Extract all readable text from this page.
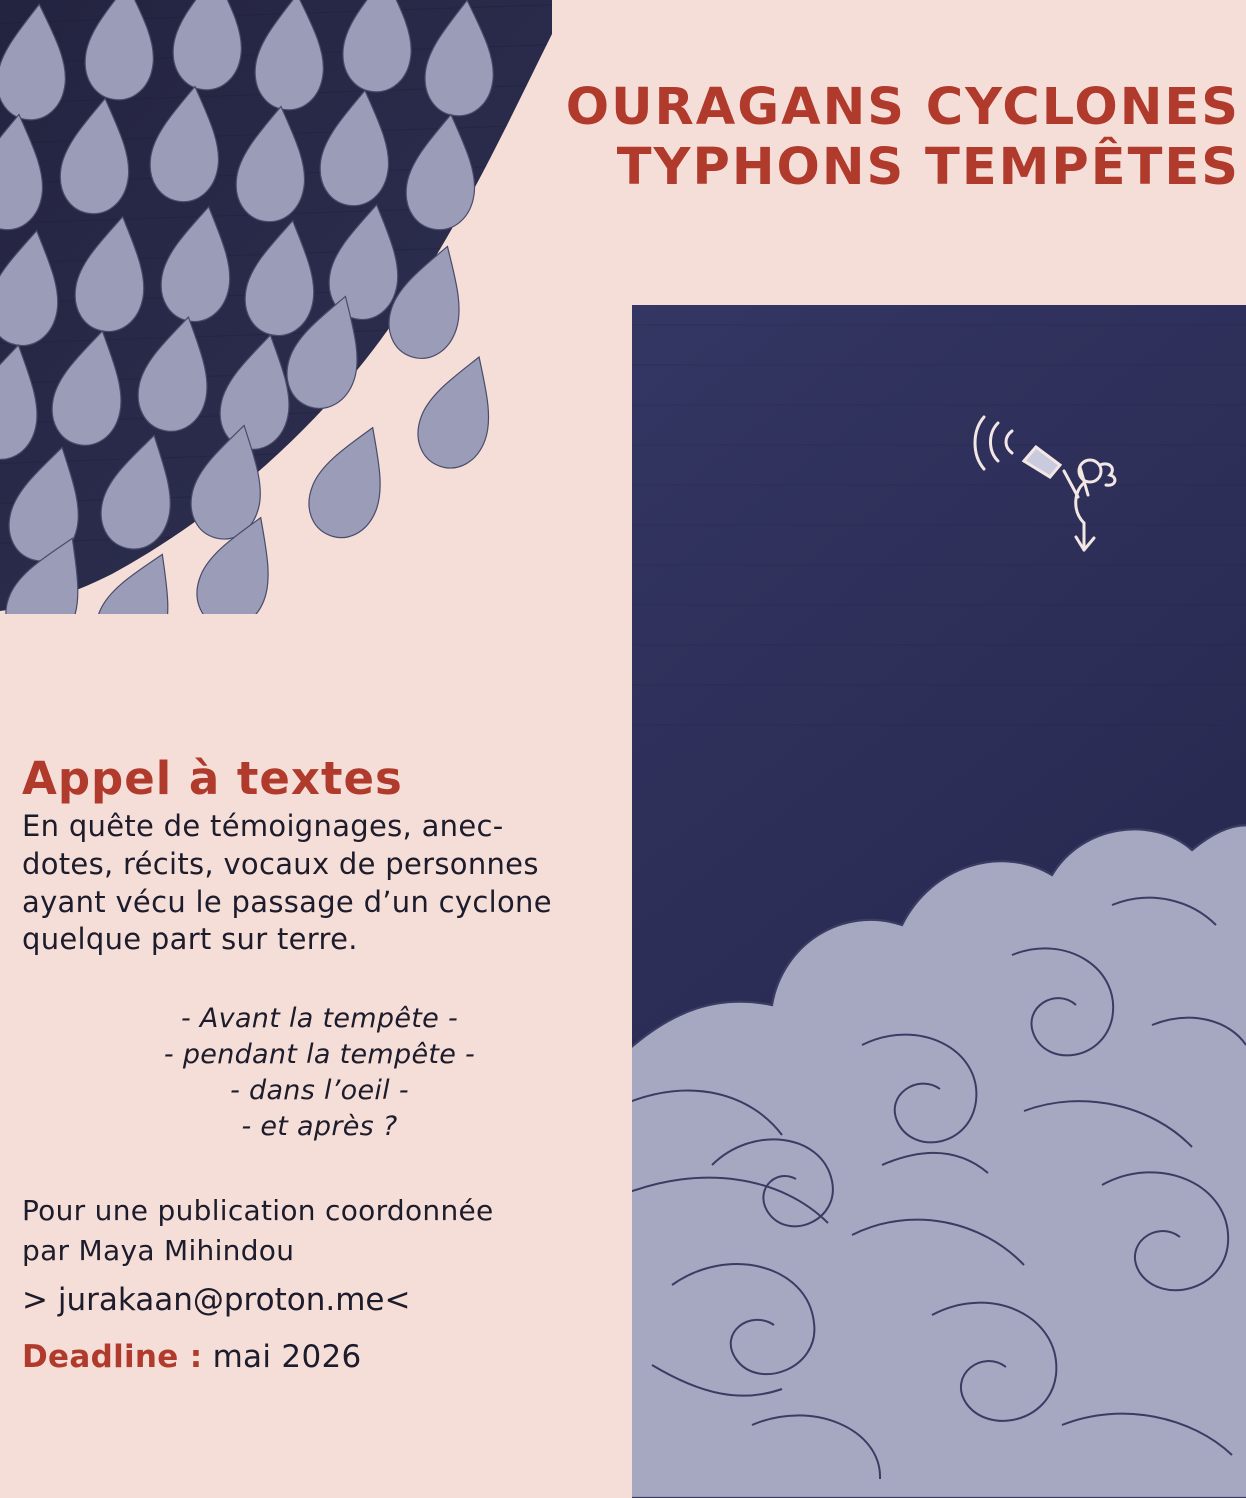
OURAGANS CYCLONES
TYPHONS TEMPÊTES
Appel à textes
En quête de témoignages, anec-
dotes, récits, vocaux de personnes
ayant vécu le passage d’un cyclone
quelque part sur terre.
- Avant la tempête -
- pendant la tempête -
- dans l’oeil -
- et après ?
Pour une publication coordonnée
par Maya Mihindou
> jurakaan@proton.me<
Deadline : mai 2026
